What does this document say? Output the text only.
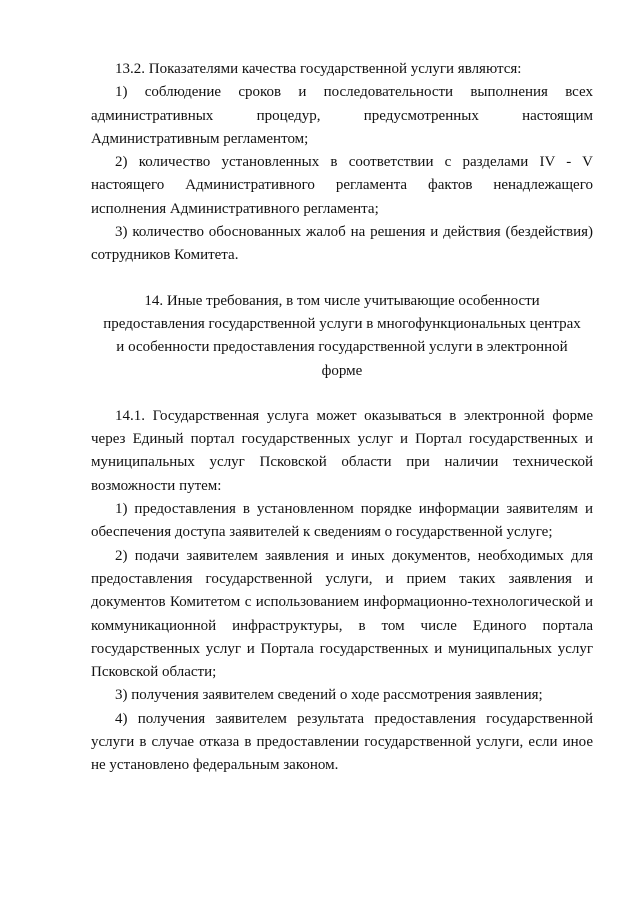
13.2. Показателями качества государственной услуги являются:

1) соблюдение сроков и последовательности выполнения всех административных процедур, предусмотренных настоящим Административным регламентом;

2) количество установленных в соответствии с разделами IV - V настоящего Административного регламента фактов ненадлежащего исполнения Административного регламента;

3) количество обоснованных жалоб на решения и действия (бездействия) сотрудников Комитета.

14. Иные требования, в том числе учитывающие особенности предоставления государственной услуги в многофункциональных центрах и особенности предоставления государственной услуги в электронной форме

14.1. Государственная услуга может оказываться в электронной форме через Единый портал государственных услуг и Портал государственных и муниципальных услуг Псковской области при наличии технической возможности путем:

1) предоставления в установленном порядке информации заявителям и обеспечения доступа заявителей к сведениям о государственной услуге;

2) подачи заявителем заявления и иных документов, необходимых для предоставления государственной услуги, и прием таких заявления и документов Комитетом с использованием информационно-технологической и коммуникационной инфраструктуры, в том числе Единого портала государственных услуг и Портала государственных и муниципальных услуг Псковской области;

3) получения заявителем сведений о ходе рассмотрения заявления;

4) получения заявителем результата предоставления государственной услуги в случае отказа в предоставлении государственной услуги, если иное не установлено федеральным законом.
